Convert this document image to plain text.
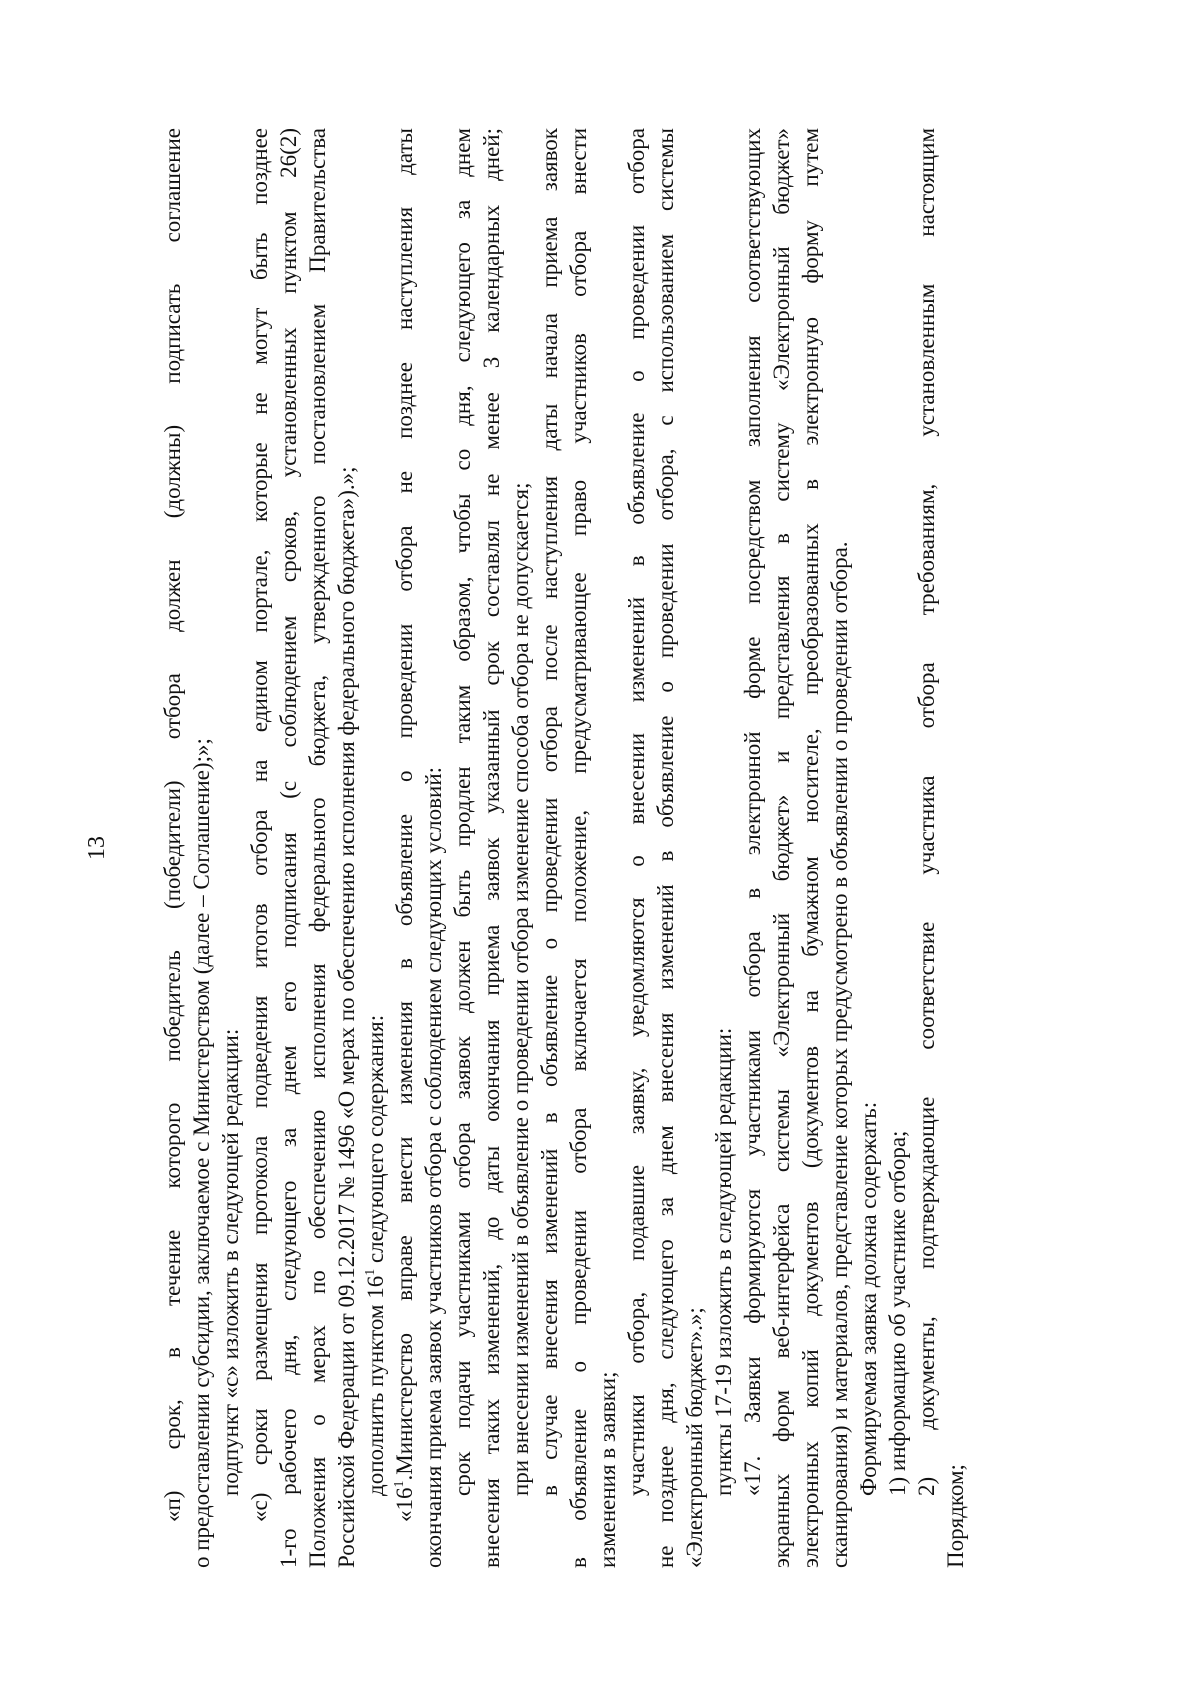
13 «п) срок, в течение которого победитель (победители) отбора должен (должны) подписать соглашение о предоставлении субсидии, заключаемое с Министерством (далее – Соглашение);»; подпункт «с» изложить в следующей редакции: «с) сроки размещения протокола подведения итогов отбора на едином портале, которые не могут быть позднее 1-го рабочего дня, следующего за днем его подписания (с соблюдением сроков, установленных пунктом 26(2) Положения о мерах по обеспечению исполнения федерального бюджета, утвержденного постановлением Правительства Российской Федерации от 09.12.2017 № 1496 «О мерах по обеспечению исполнения федерального бюджета»).»; дополнить пунктом $16^1$ следующего содержания:
«$16^1.Министерство$ вправе внести изменения в объявление о проведении отбора не позднее наступления даты окончания приема заявок участников отбора с соблюдением следующих условий: срок подачи участниками отбора заявок должен быть продлен таким образом, чтобы со дня, следующего за днем внесения таких изменений, до даты окончания приема заявок указанный срок составлял не менее 3 календарных дней; при внесении изменений в объявление о проведении отбора изменение способа отбора не допускается; в случае внесения изменений в объявление о проведении отбора после наступления даты начала приема заявок в объявление о проведении отбора включается положение, предусматривающее право участников отбора внести изменения в заявки; участники отбора, подавшие заявку, уведомляются о внесении изменений в объявление о проведении отбора не позднее дня, следующего за днем внесения изменений в объявление о проведении отбора, с использованием системы «Электронный бюджет».»; пункты 17-19 изложить в следующей редакции: «17. Заявки формируются участниками отбора в электронной форме посредством заполнения соответствующих экранных форм веб-интерфейса системы «Электронный бюджет» и представления в систему «Электронный бюджет» электронных копий документов (документов на бумажном носителе, преобразованных в электронную форму путем сканирования) и материалов, представление которых предусмотрено в объявлении о проведении отбора. Формируемая заявка должна содержать: 1) информацию об участнике отбора; 2) документы, подтверждающие соответствие участника отбора требованиям, установленным настоящим
Порядком;
